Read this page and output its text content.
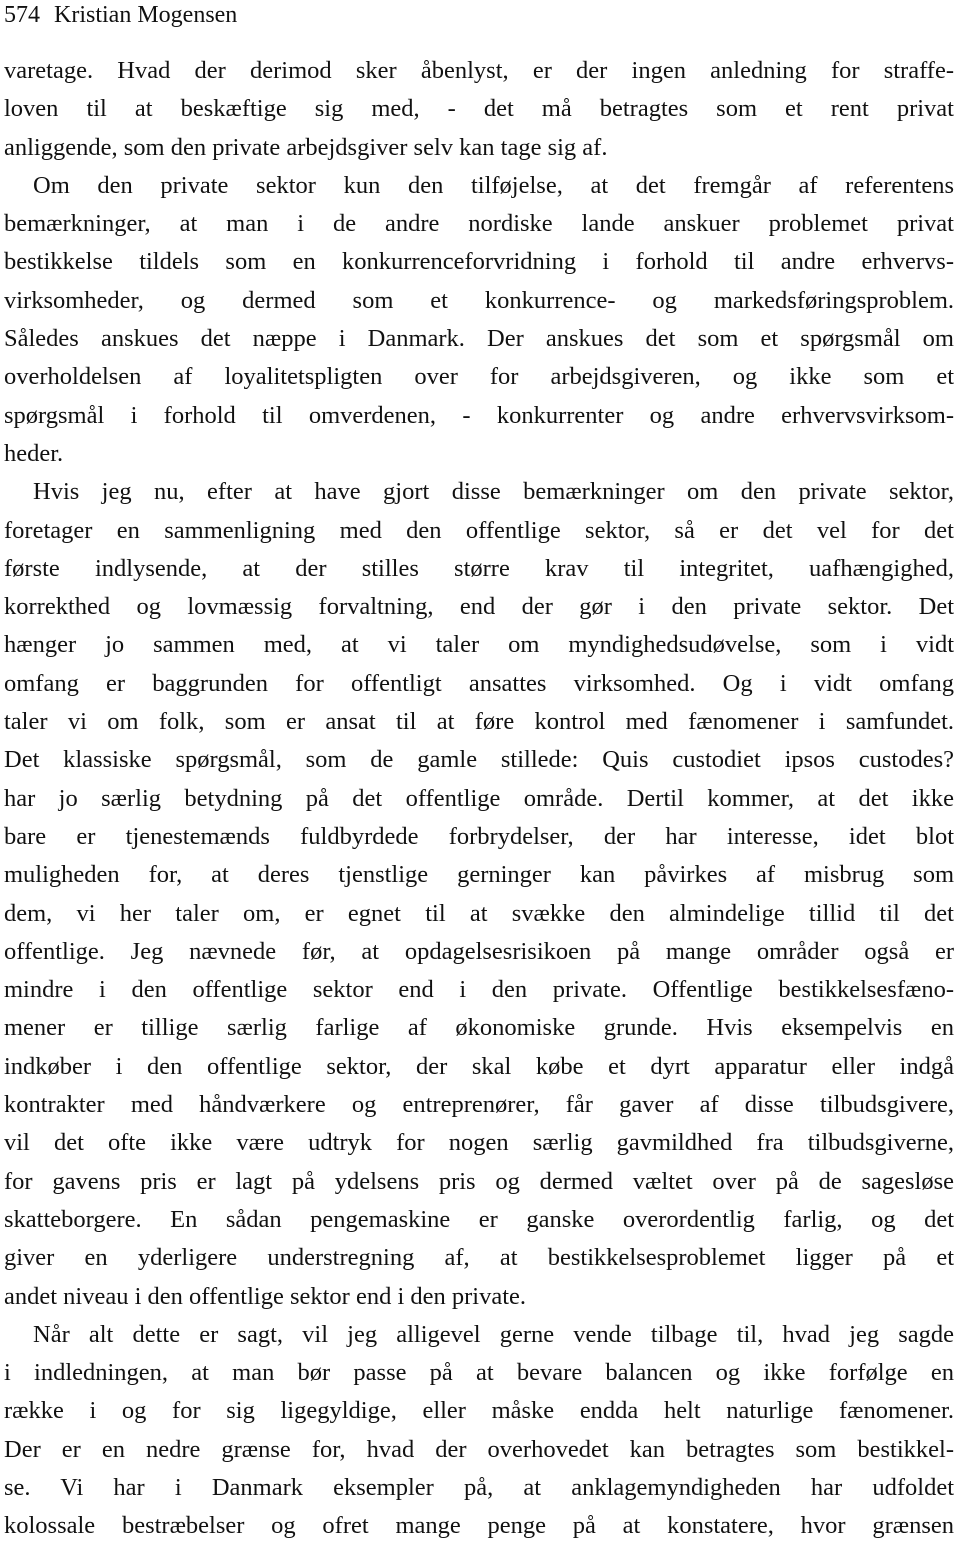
574 Kristian Mogensen
varetage. Hvad der derimod sker åbenlyst, er der ingen anledning for straffe-
loven til at beskæftige sig med, - det må betragtes som et rent privat
anliggende, som den private arbejdsgiver selv kan tage sig af.
Om den private sektor kun den tilføjelse, at det fremgår af referentens
bemærkninger, at man i de andre nordiske lande anskuer problemet privat
bestikkelse tildels som en konkurrenceforvridning i forhold til andre erhvervs-
virksomheder, og dermed som et konkurrence- og markedsføringsproblem.
Således anskues det næppe i Danmark. Der anskues det som et spørgsmål om
overholdelsen af loyalitetspligten over for arbejdsgiveren, og ikke som et
spørgsmål i forhold til omverdenen, - konkurrenter og andre erhvervsvirksom-
heder.
Hvis jeg nu, efter at have gjort disse bemærkninger om den private sektor,
foretager en sammenligning med den offentlige sektor, så er det vel for det
første indlysende, at der stilles større krav til integritet, uafhængighed,
korrekthed og lovmæssig forvaltning, end der gør i den private sektor. Det
hænger jo sammen med, at vi taler om myndighedsudøvelse, som i vidt
omfang er baggrunden for offentligt ansattes virksomhed. Og i vidt omfang
taler vi om folk, som er ansat til at føre kontrol med fænomener i samfundet.
Det klassiske spørgsmål, som de gamle stillede: Quis custodiet ipsos custodes?
har jo særlig betydning på det offentlige område. Dertil kommer, at det ikke
bare er tjenestemænds fuldbyrdede forbrydelser, der har interesse, idet blot
muligheden for, at deres tjenstlige gerninger kan påvirkes af misbrug som
dem, vi her taler om, er egnet til at svække den almindelige tillid til det
offentlige. Jeg nævnede før, at opdagelsesrisikoen på mange områder også er
mindre i den offentlige sektor end i den private. Offentlige bestikkelsesfæno-
mener er tillige særlig farlige af økonomiske grunde. Hvis eksempelvis en
indkøber i den offentlige sektor, der skal købe et dyrt apparatur eller indgå
kontrakter med håndværkere og entreprenører, får gaver af disse tilbudsgivere,
vil det ofte ikke være udtryk for nogen særlig gavmildhed fra tilbudsgiverne,
for gavens pris er lagt på ydelsens pris og dermed væltet over på de sagesløse
skatteborgere. En sådan pengemaskine er ganske overordentlig farlig, og det
giver en yderligere understregning af, at bestikkelsesproblemet ligger på et
andet niveau i den offentlige sektor end i den private.
Når alt dette er sagt, vil jeg alligevel gerne vende tilbage til, hvad jeg sagde
i indledningen, at man bør passe på at bevare balancen og ikke forfølge en
række i og for sig ligegyldige, eller måske endda helt naturlige fænomener.
Der er en nedre grænse for, hvad der overhovedet kan betragtes som bestikkel-
se. Vi har i Danmark eksempler på, at anklagemyndigheden har udfoldet
kolossale bestræbelser og ofret mange penge på at konstatere, hvor grænsen
